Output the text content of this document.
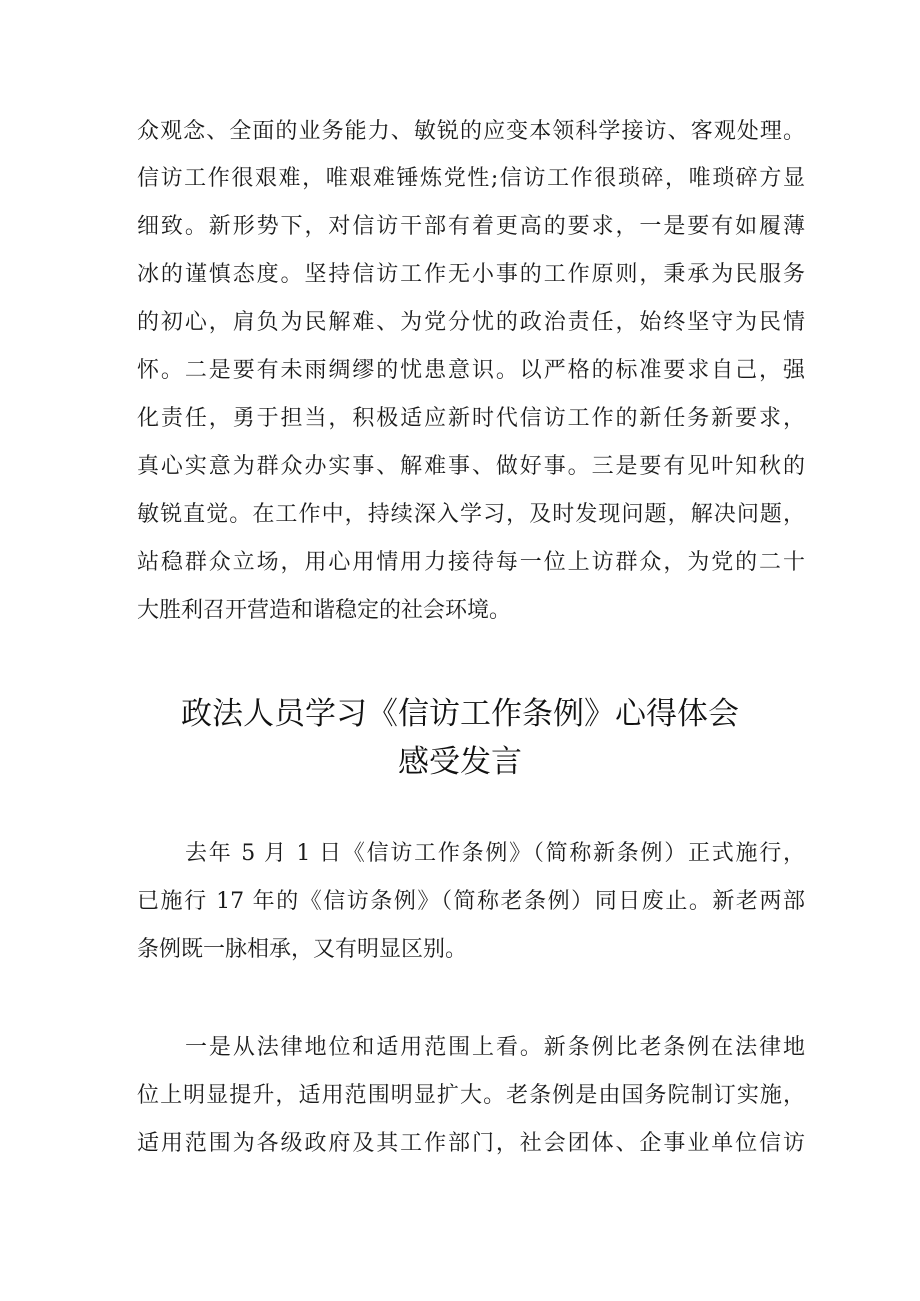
众观念、全面的业务能力、敏锐的应变本领科学接访、客观处理。
信访工作很艰难，唯艰难锤炼党性;信访工作很琐碎，唯琐碎方显
细致。新形势下，对信访干部有着更高的要求，一是要有如履薄
冰的谨慎态度。坚持信访工作无小事的工作原则，秉承为民服务
的初心，肩负为民解难、为党分忧的政治责任，始终坚守为民情
怀。二是要有未雨绸缪的忧患意识。以严格的标准要求自己，强
化责任，勇于担当，积极适应新时代信访工作的新任务新要求，
真心实意为群众办实事、解难事、做好事。三是要有见叶知秋的
敏锐直觉。在工作中，持续深入学习，及时发现问题，解决问题，
站稳群众立场，用心用情用力接待每一位上访群众，为党的二十
大胜利召开营造和谐稳定的社会环境。
政法人员学习《信访工作条例》心得体会
感受发言
去年 5 月 1 日《信访工作条例》（简称新条例）正式施行，
已施行 17 年的《信访条例》（简称老条例）同日废止。新老两部
条例既一脉相承，又有明显区别。
一是从法律地位和适用范围上看。新条例比老条例在法律地
位上明显提升，适用范围明显扩大。老条例是由国务院制订实施，
适用范围为各级政府及其工作部门，社会团体、企事业单位信访
